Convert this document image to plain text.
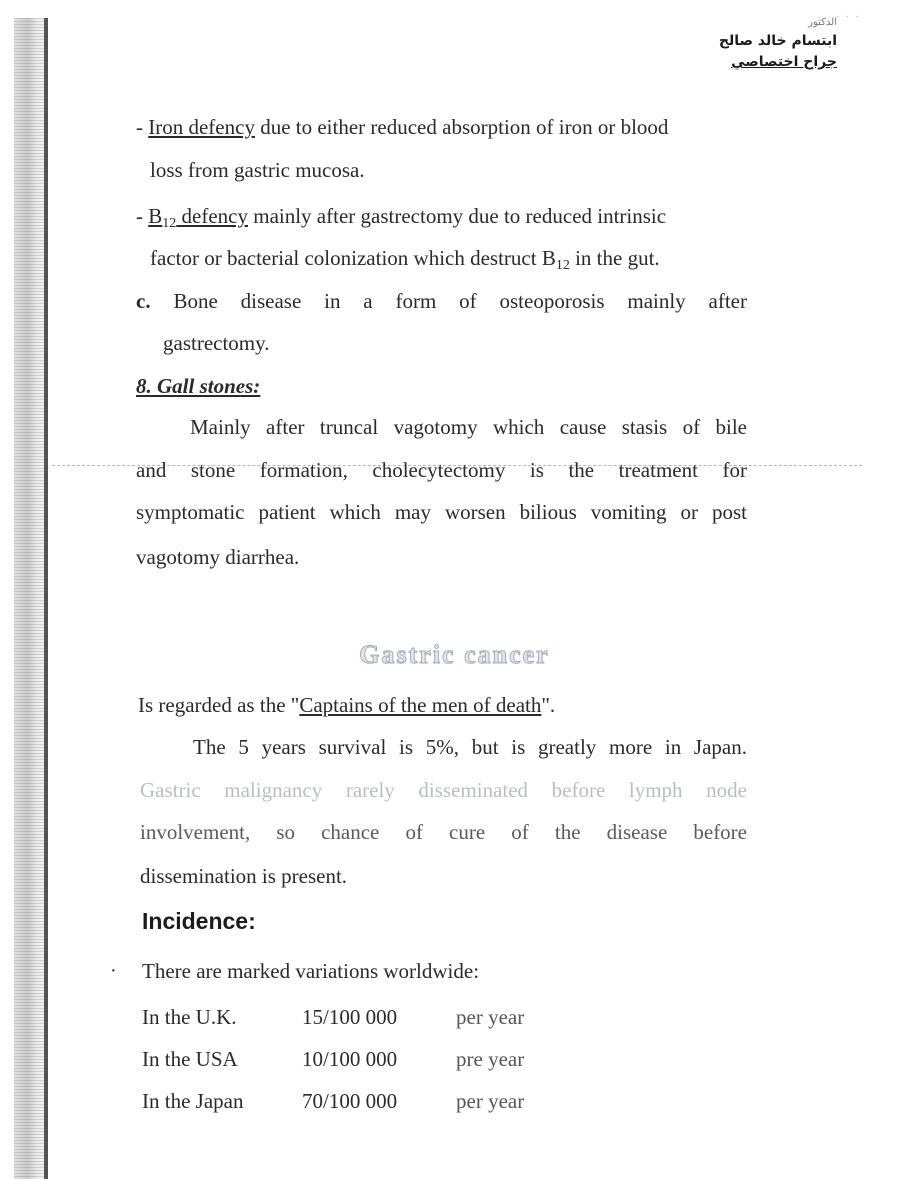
· · ·
الدكتور
ابتسام خالد صالح
جراح اختصاصي
- Iron defency due to either reduced absorption of iron or blood
loss from gastric mucosa.
- $B_{12}$ defency mainly after gastrectomy due to reduced intrinsic
factor or bacterial colonization which destruct $B_{12}$ in the gut.
c. Bone disease in a form of osteoporosis mainly after
gastrectomy.
8. Gall stones:
Mainly after truncal vagotomy which cause stasis of bile
and stone formation, cholecytectomy is the treatment for
symptomatic patient which may worsen bilious vomiting or post
vagotomy diarrhea.
Gastric cancer
Is regarded as the "Captains of the men of death".
The 5 years survival is 5%, but is greatly more in Japan.
Gastric malignancy rarely disseminated before lymph node
involvement, so chance of cure of the disease before
dissemination is present.
Incidence:
· There are marked variations worldwide:
In the U.K.	15/100 000	per year
In the USA	10/100 000	pre year
In the Japan	70/100 000	per year
